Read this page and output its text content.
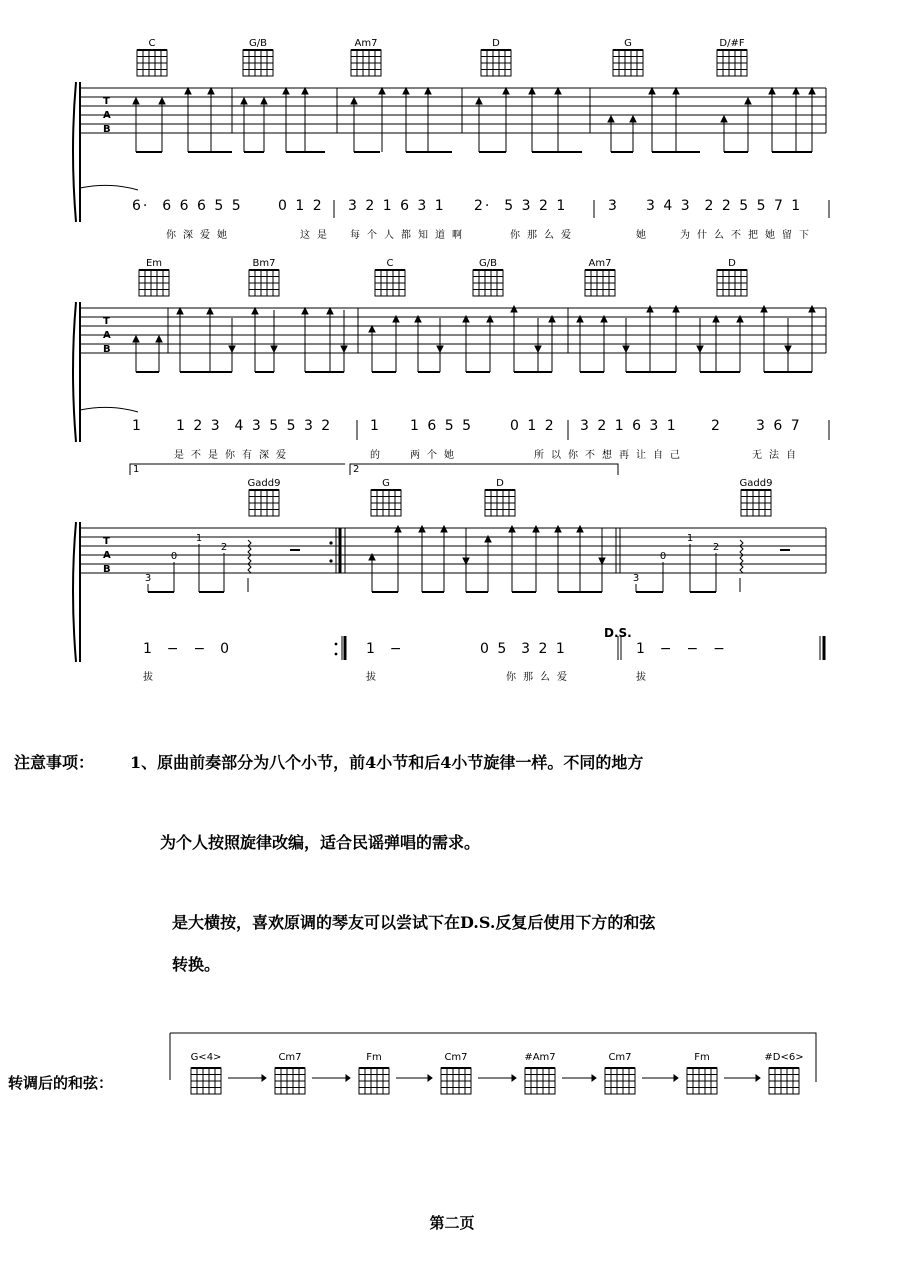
T
A
B
T
A
B
T
A
B
3
0
1
2
3
0
1
2
C	G/B	Am7	D	G	D/#F
Em	Bm7	C	G/B	Am7	D
Gadd9	G	D	Gadd9
6·  6 6 6 5 5	0 1 2 3 2 1 6 3 1 2·  5 3 2 1	3 3 4 3  2 2 5 5 7 1
你深爱她	这是 每个人都知道啊	你那么爱	她	为什么不把她留下
1 1 2 3  4 3 5 5 3 2	1 1 6 5 5	0 1 2 3 2 1 6 3 1 2 3 6 7
是不是你有深爱	的 两个她	所以你不想再让自己	无法自
1  −  −  0	1  −	0 5  3 2 1	1  −  −  −
拔	拔	你那么爱	拔
1	2
D.S.
注意事项： 1、原曲前奏部分为八个小节，前4小节和后4小节旋律一样。不同的地方
为个人按照旋律改编，适合民谣弹唱的需求。
是大横按，喜欢原调的琴友可以尝试下在D.S.反复后使用下方的和弦
转换。
转调后的和弦：
G<4>	Cm7	Fm	Cm7	#Am7	Cm7	Fm	#D<6>
第二页
